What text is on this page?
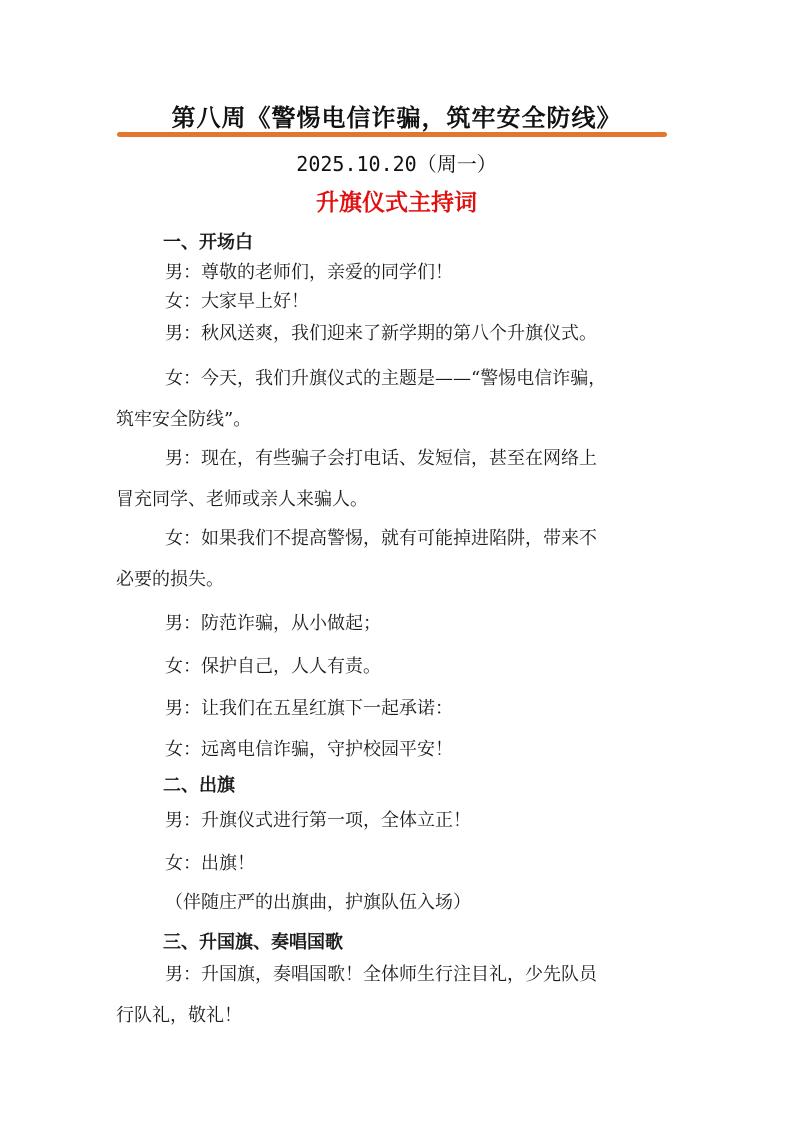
第八周《警惕电信诈骗，筑牢安全防线》
2025.10.20（周一）
升旗仪式主持词
一、开场白
男：尊敬的老师们，亲爱的同学们！
女：大家早上好！
男：秋风送爽，我们迎来了新学期的第八个升旗仪式。
女：今天，我们升旗仪式的主题是——“警惕电信诈骗，
筑牢安全防线”。
男：现在，有些骗子会打电话、发短信，甚至在网络上
冒充同学、老师或亲人来骗人。
女：如果我们不提高警惕，就有可能掉进陷阱，带来不
必要的损失。
男：防范诈骗，从小做起；
女：保护自己，人人有责。
男：让我们在五星红旗下一起承诺：
女：远离电信诈骗，守护校园平安！
二、出旗
男：升旗仪式进行第一项，全体立正！
女：出旗！
（伴随庄严的出旗曲，护旗队伍入场）
三、升国旗、奏唱国歌
男：升国旗，奏唱国歌！全体师生行注目礼，少先队员
行队礼，敬礼！
